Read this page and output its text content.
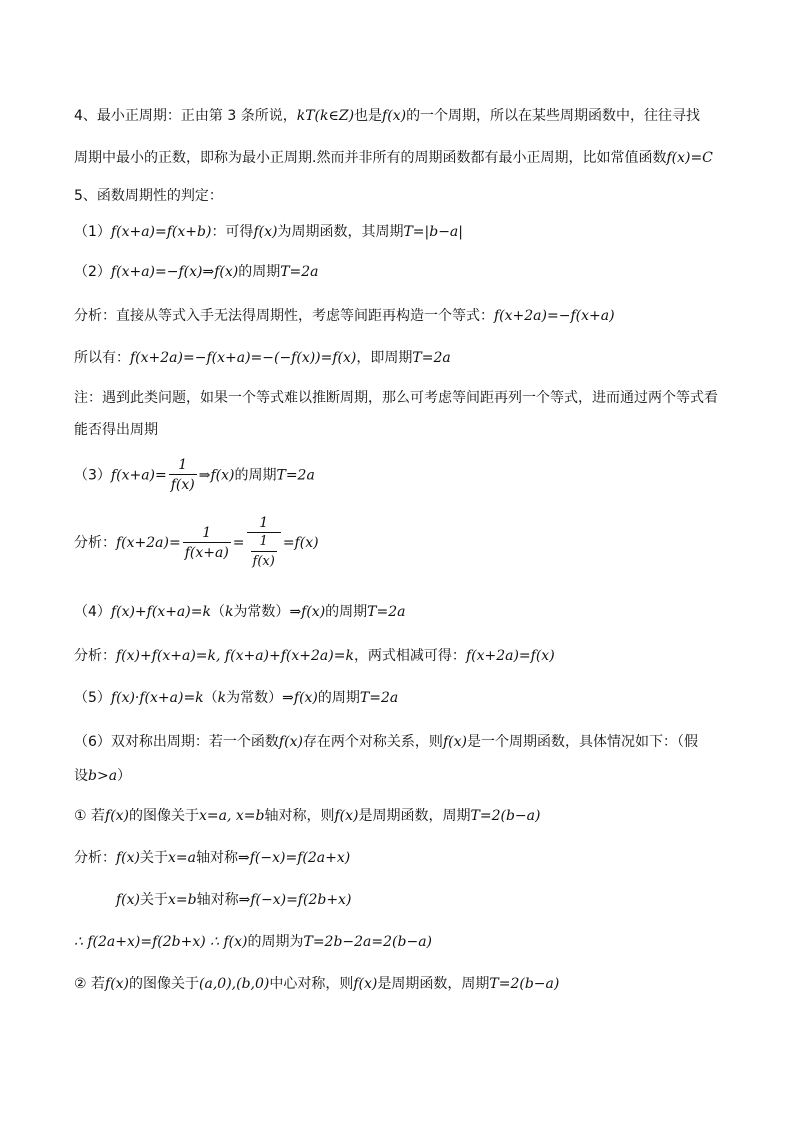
4、最小正周期：正由第 3 条所说，kT(k∈Z)也是f(x)的一个周期，所以在某些周期函数中，往往寻找
周期中最小的正数，即称为最小正周期.然而并非所有的周期函数都有最小正周期，比如常值函数f(x)=C
5、函数周期性的判定：
（1）f(x+a)=f(x+b)：可得f(x)为周期函数，其周期T=|b−a|
（2）f(x+a)=−f(x)⇒f(x)的周期T=2a
分析：直接从等式入手无法得周期性，考虑等间距再构造一个等式：f(x+2a)=−f(x+a)
所以有：f(x+2a)=−f(x+a)=−(−f(x))=f(x)，即周期T=2a
注：遇到此类问题，如果一个等式难以推断周期，那么可考虑等间距再列一个等式，进而通过两个等式看
能否得出周期
$(3)f(x+a)= \frac{1}{f(x)}$ ⇒f(x)的周期T=2a
分析：$f(x+2a)= \frac{1}{f(x+a)} = \frac{1}{\frac{1}{f(x)}} =f(x)$
（4）f(x)+f(x+a)=k（k为常数）⇒f(x)的周期T=2a
分析：f(x)+f(x+a)=k, f(x+a)+f(x+2a)=k，两式相减可得：f(x+2a)=f(x)
（5）f(x)·f(x+a)=k（k为常数）⇒f(x)的周期T=2a
（6）双对称出周期：若一个函数f(x)存在两个对称关系，则f(x)是一个周期函数，具体情况如下：（假
设b>a）
① 若f(x)的图像关于x=a, x=b轴对称，则f(x)是周期函数，周期T=2(b−a)
分析：f(x)关于x=a轴对称⇒f(−x)=f(2a+x)
f(x)关于x=b轴对称⇒f(−x)=f(2b+x)
∴ f(2a+x)=f(2b+x) ∴ f(x)的周期为T=2b−2a=2(b−a)
② 若f(x)的图像关于(a,0),(b,0)中心对称，则f(x)是周期函数，周期T=2(b−a)
